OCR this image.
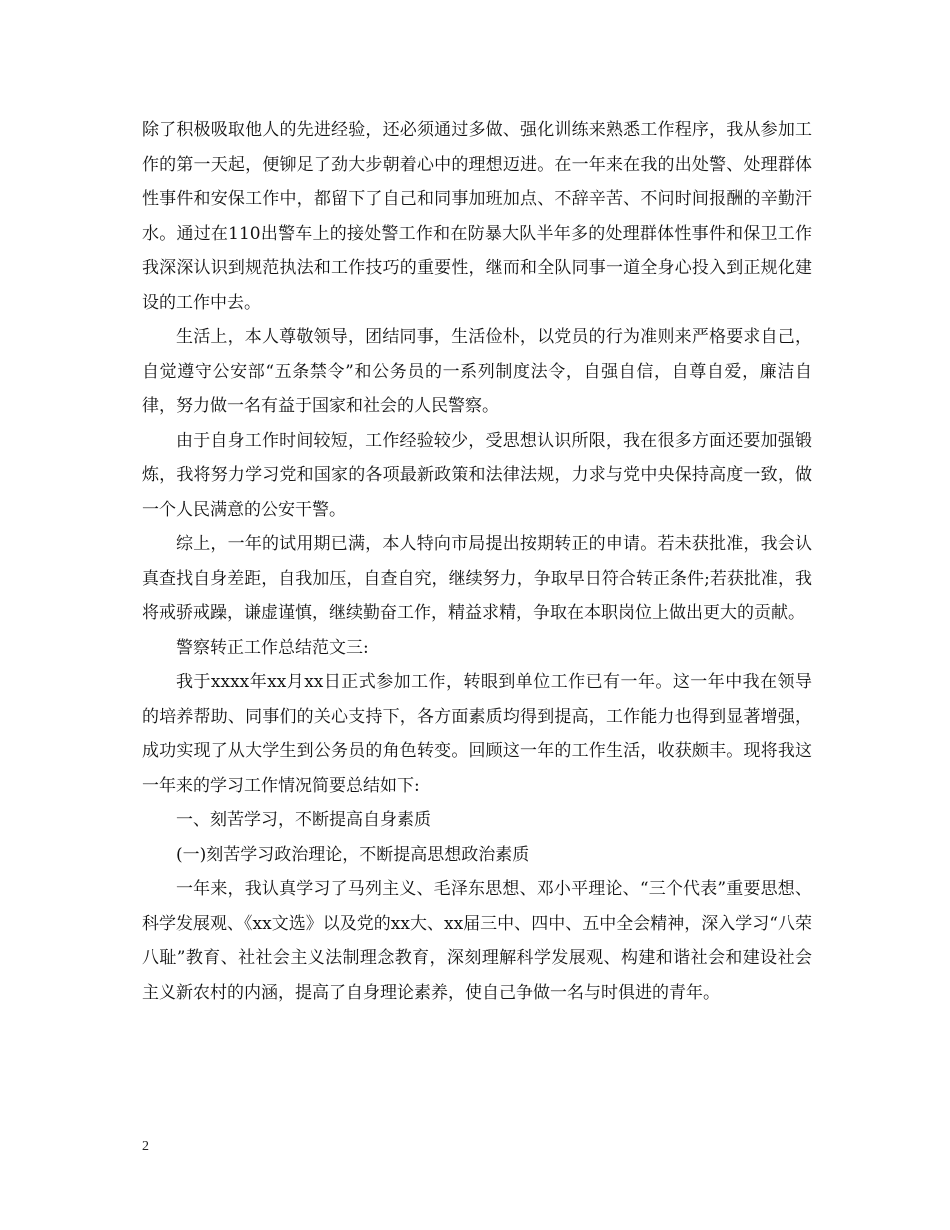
除了积极吸取他人的先进经验，还必须通过多做、强化训练来熟悉工作程序，我从参加工作的第一天起，便铆足了劲大步朝着心中的理想迈进。在一年来在我的出处警、处理群体性事件和安保工作中，都留下了自己和同事加班加点、不辞辛苦、不问时间报酬的辛勤汗水。通过在110出警车上的接处警工作和在防暴大队半年多的处理群体性事件和保卫工作我深深认识到规范执法和工作技巧的重要性，继而和全队同事一道全身心投入到正规化建设的工作中去。

生活上，本人尊敬领导，团结同事，生活俭朴，以党员的行为准则来严格要求自己，自觉遵守公安部“五条禁令”和公务员的一系列制度法令，自强自信，自尊自爱，廉洁自律，努力做一名有益于国家和社会的人民警察。

由于自身工作时间较短，工作经验较少，受思想认识所限，我在很多方面还要加强锻炼，我将努力学习党和国家的各项最新政策和法律法规，力求与党中央保持高度一致，做一个人民满意的公安干警。

综上，一年的试用期已满，本人特向市局提出按期转正的申请。若未获批准，我会认真查找自身差距，自我加压，自查自究，继续努力，争取早日符合转正条件;若获批准，我将戒骄戒躁，谦虚谨慎，继续勤奋工作，精益求精，争取在本职岗位上做出更大的贡献。

警察转正工作总结范文三:

我于xxxx年xx月xx日正式参加工作，转眼到单位工作已有一年。这一年中我在领导的培养帮助、同事们的关心支持下，各方面素质均得到提高，工作能力也得到显著增强，成功实现了从大学生到公务员的角色转变。回顾这一年的工作生活，收获颇丰。现将我这一年来的学习工作情况简要总结如下:

一、刻苦学习，不断提高自身素质

(一)刻苦学习政治理论，不断提高思想政治素质

一年来，我认真学习了马列主义、毛泽东思想、邓小平理论、“三个代表”重要思想、科学发展观、《xx文选》以及党的xx大、xx届三中、四中、五中全会精神，深入学习“八荣八耻”教育、社社会主义法制理念教育，深刻理解科学发展观、构建和谐社会和建设社会主义新农村的内涵，提高了自身理论素养，使自己争做一名与时俱进的青年。

2
